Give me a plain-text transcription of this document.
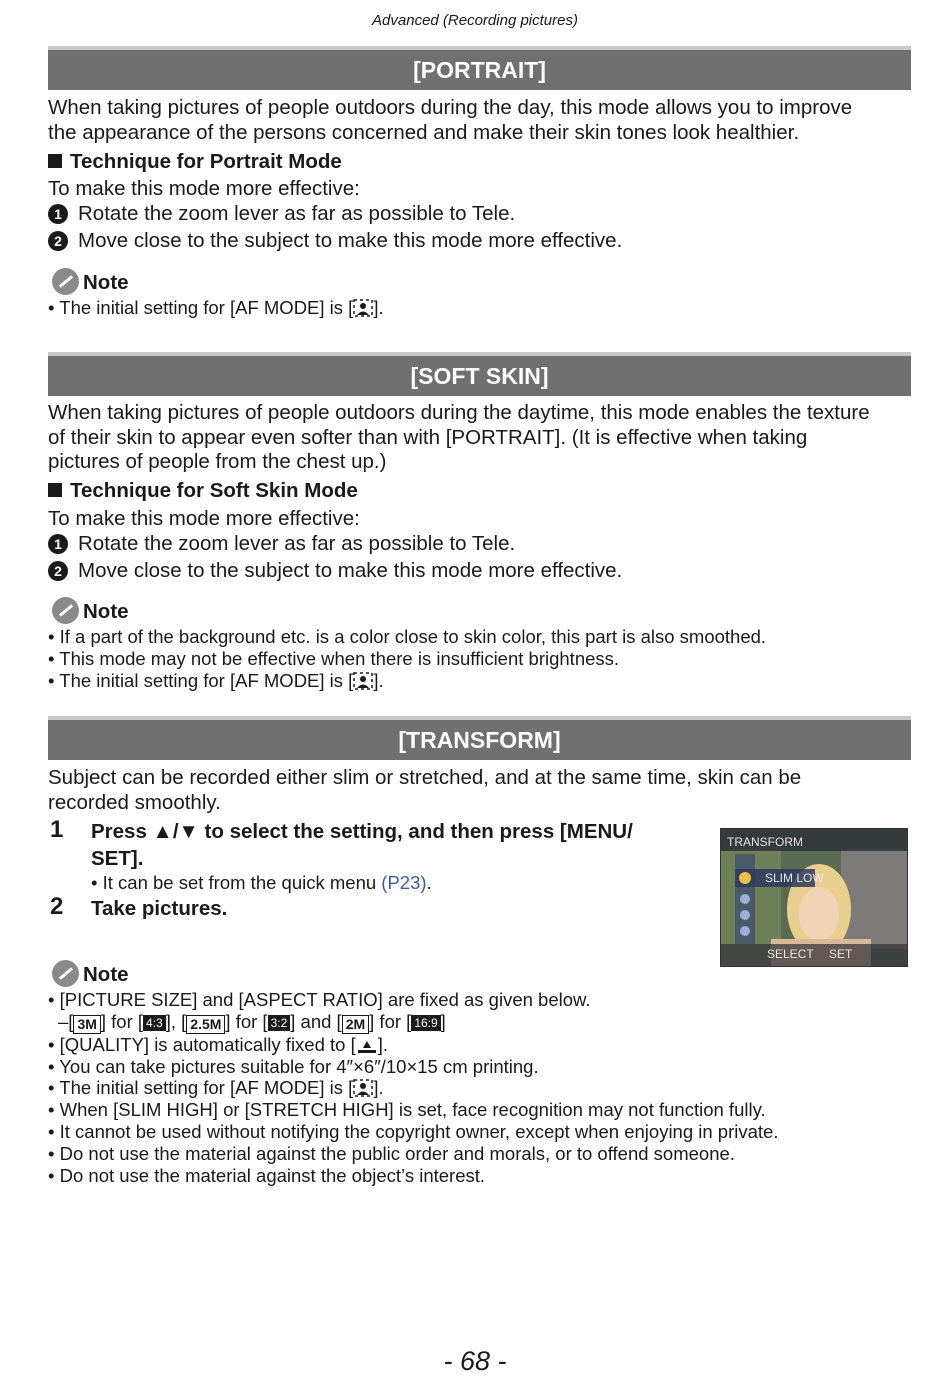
Advanced (Recording pictures)
[PORTRAIT]
When taking pictures of people outdoors during the day, this mode allows you to improve
the appearance of the persons concerned and make their skin tones look healthier.
Technique for Portrait Mode
To make this mode more effective:
1 Rotate the zoom lever as far as possible to Tele.
2 Move close to the subject to make this mode more effective.
Note
• The initial setting for [AF MODE] is [ ].
[SOFT SKIN]
When taking pictures of people outdoors during the daytime, this mode enables the texture
of their skin to appear even softer than with [PORTRAIT]. (It is effective when taking
pictures of people from the chest up.)
Technique for Soft Skin Mode
To make this mode more effective:
1 Rotate the zoom lever as far as possible to Tele.
2 Move close to the subject to make this mode more effective.
Note
• If a part of the background etc. is a color close to skin color, this part is also smoothed.
• This mode may not be effective when there is insufficient brightness.
• The initial setting for [AF MODE] is [ ].
[TRANSFORM]
Subject can be recorded either slim or stretched, and at the same time, skin can be
recorded smoothly.
1 Press ▲/▼ to select the setting, and then press [MENU/
SET].
• It can be set from the quick menu (P23).
2 Take pictures.
TRANSFORM
SLIM LOW
SELECT SET
Note
• [PICTURE SIZE] and [ASPECT RATIO] are fixed as given below.
–[ 3M ] for [ 4:3 ], [ 2.5M ] for [ 3:2 ] and [ 2M ] for [ 16:9 ]
• [QUALITY] is automatically fixed to [ ].
• You can take pictures suitable for 4″×6″/10×15 cm printing.
• The initial setting for [AF MODE] is [ ].
• When [SLIM HIGH] or [STRETCH HIGH] is set, face recognition may not function fully.
• It cannot be used without notifying the copyright owner, except when enjoying in private.
• Do not use the material against the public order and morals, or to offend someone.
• Do not use the material against the object’s interest.
- 68 -
